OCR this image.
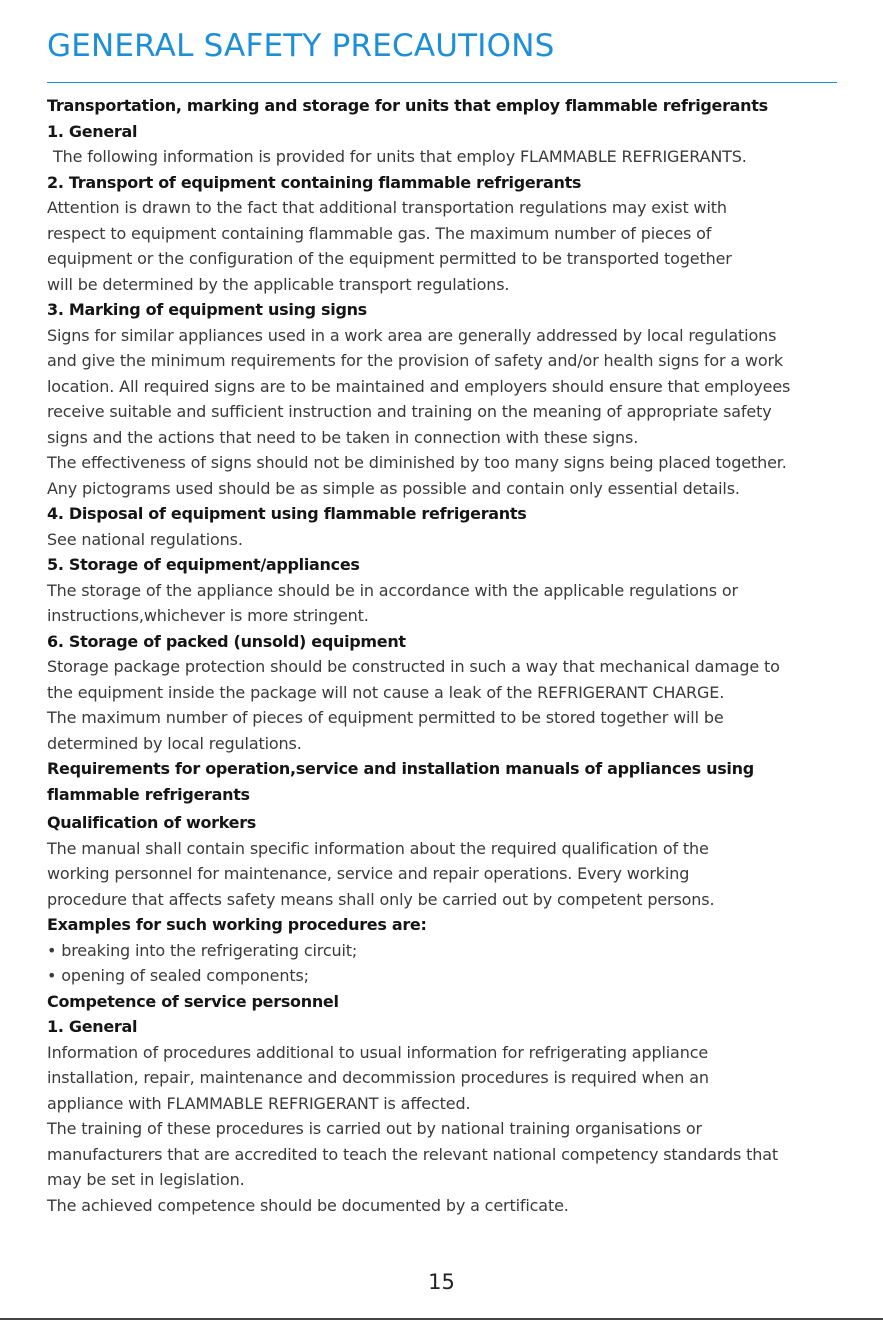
GENERAL SAFETY PRECAUTIONS

Transportation, marking and storage for units that employ flammable refrigerants

1. General

The following information is provided for units that employ FLAMMABLE REFRIGERANTS.

2. Transport of equipment containing flammable refrigerants

Attention is drawn to the fact that additional transportation regulations may exist with

respect to equipment containing flammable gas. The maximum number of pieces of

equipment or the configuration of the equipment permitted to be transported together

will be determined by the applicable transport regulations.

3. Marking of equipment using signs

Signs for similar appliances used in a work area are generally addressed by local regulations

and give the minimum requirements for the provision of safety and/or health signs for a work

location. All required signs are to be maintained and employers should ensure that employees

receive suitable and sufficient instruction and training on the meaning of appropriate safety

signs and the actions that need to be taken in connection with these signs.

The effectiveness of signs should not be diminished by too many signs being placed together.

Any pictograms used should be as simple as possible and contain only essential details.

4. Disposal of equipment using flammable refrigerants

See national regulations.

5. Storage of equipment/appliances

The storage of the appliance should be in accordance with the applicable regulations or

instructions,whichever is more stringent.

6. Storage of packed (unsold) equipment

Storage package protection should be constructed in such a way that mechanical damage to

the equipment inside the package will not cause a leak of the REFRIGERANT CHARGE.

The maximum number of pieces of equipment permitted to be stored together will be

determined by local regulations.

Requirements for operation,service and installation manuals of appliances using

flammable refrigerants

Qualification of workers

The manual shall contain specific information about the required qualification of the

working personnel for maintenance, service and repair operations. Every working

procedure that affects safety means shall only be carried out by competent persons.

Examples for such working procedures are:

• breaking into the refrigerating circuit;

• opening of sealed components;

Competence of service personnel

1. General

Information of procedures additional to usual information for refrigerating appliance

installation, repair, maintenance and decommission procedures is required when an

appliance with FLAMMABLE REFRIGERANT is affected.

The training of these procedures is carried out by national training organisations or

manufacturers that are accredited to teach the relevant national competency standards that

may be set in legislation.

The achieved competence should be documented by a certificate.

15
